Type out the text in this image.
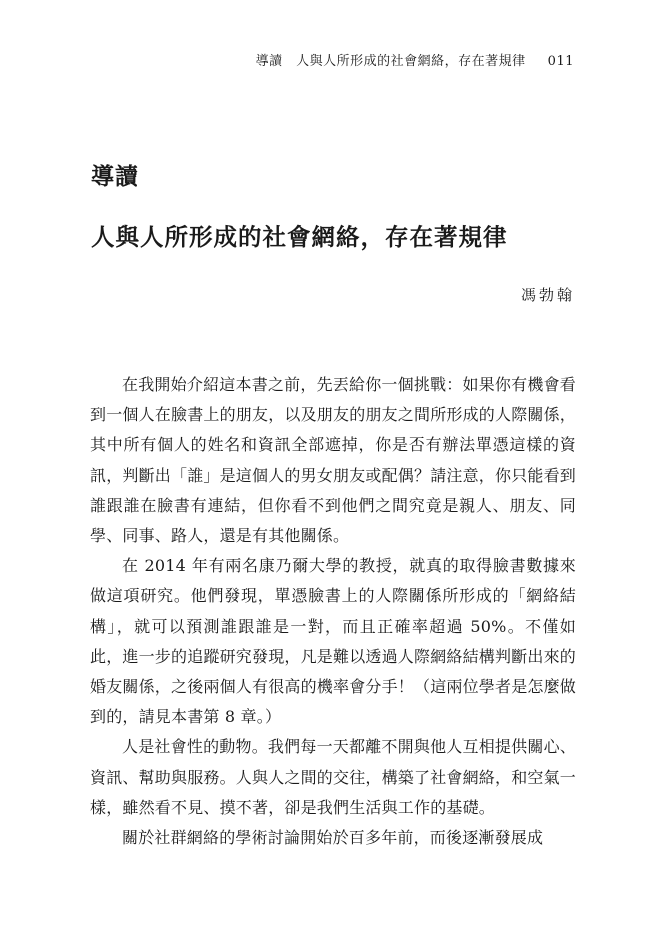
導讀　人與人所形成的社會網絡，存在著規律 011
導讀
人與人所形成的社會網絡，存在著規律
馮勃翰

在我開始介紹這本書之前，先丟給你一個挑戰：如果你有機會看到一個人在臉書上的朋友，以及朋友的朋友之間所形成的人際關係，其中所有個人的姓名和資訊全部遮掉，你是否有辦法單憑這樣的資訊，判斷出「誰」是這個人的男女朋友或配偶？請注意，你只能看到誰跟誰在臉書有連結，但你看不到他們之間究竟是親人、朋友、同學、同事、路人，還是有其他關係。

在 2014 年有兩名康乃爾大學的教授，就真的取得臉書數據來做這項研究。他們發現，單憑臉書上的人際關係所形成的「網絡結構」，就可以預測誰跟誰是一對，而且正確率超過 50%。不僅如此，進一步的追蹤研究發現，凡是難以透過人際網絡結構判斷出來的婚友關係，之後兩個人有很高的機率會分手！（這兩位學者是怎麼做到的，請見本書第 8 章。）

人是社會性的動物。我們每一天都離不開與他人互相提供關心、資訊、幫助與服務。人與人之間的交往，構築了社會網絡，和空氣一樣，雖然看不見、摸不著，卻是我們生活與工作的基礎。

關於社群網絡的學術討論開始於百多年前，而後逐漸發展成
